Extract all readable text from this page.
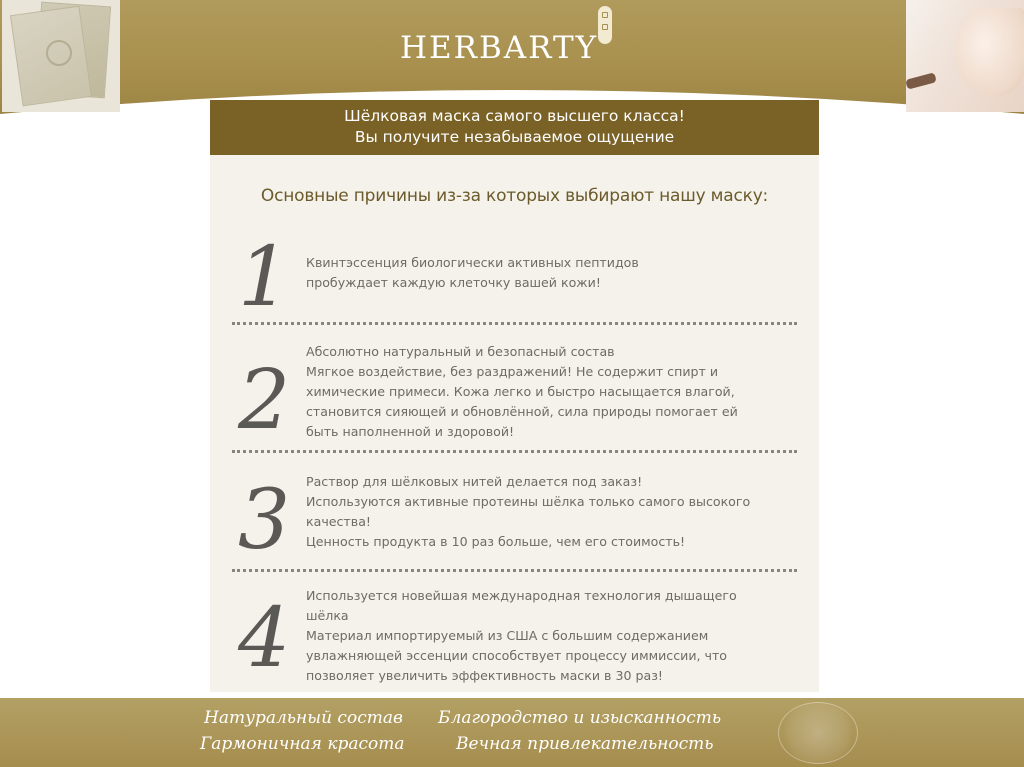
HERBARTY
Шёлковая маска самого высшего класса!
Вы получите незабываемое ощущение
Основные причины из-за которых выбирают нашу маску:
1 Квинтэссенция биологически активных пептидов
пробуждает каждую клеточку вашей кожи!
2
Абсолютно натуральный и безопасный состав
Мягкое воздействие, без раздражений! Не содержит спирт и
химические примеси. Кожа легко и быстро насыщается влагой,
становится сияющей и обновлённой, сила природы помогает ей
быть наполненной и здоровой!
3 Раствор для шёлковых нитей делается под заказ!
Используются активные протеины шёлка только самого высокого
качества!
Ценность продукта в 10 раз больше, чем его стоимость!
4 Используется новейшая международная технология дышащего
шёлка
Материал импортируемый из США с большим содержанием
увлажняющей эссенции способствует процессу иммиссии, что
позволяет увеличить эффективность маски в 30 раз!
Натуральный состав Благородство и изысканность
Гармоничная красота	Вечная привлекательность
